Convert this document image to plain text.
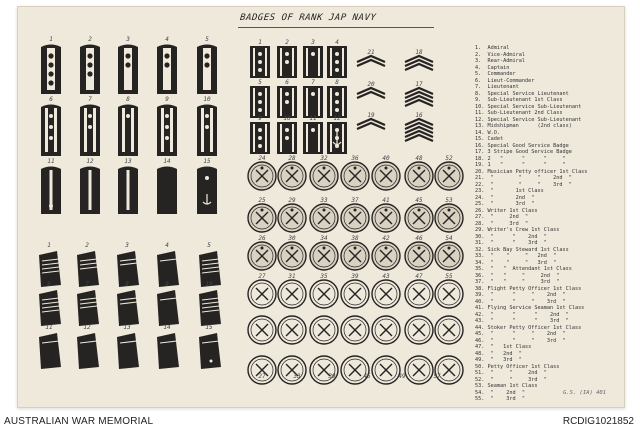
BADGES OF RANK JAP NAVY
1	2	3	4	5
6	7	8	9	10
11	12	13	14	15
1	2	3	4	5
6	7	8	9	10
11	12	13	14	15
1	2	3	4
5	6	7	8
9	10	11	12
21	18
20	17
19	16
24	28	32	36	40	48	52
25	29	33	37	41	45	53
26	30	34	38	42	46	54
27	31	35	39	43	47	55
27	33	39	45	49	57
1.  Admiral
2.  Vice-Admiral
3.  Rear-Admiral
4.  Captain
5.  Commander
6.  Lieut-Commander
7.  Lieutenant
8.  Special Service Lieutenant
9.  Sub-Lieutenant 1st Class
10. Special Service Sub-Lieutenant
11. Sub-Lieutenant 2nd Class
12. Special Service Sub-Lieutenant
13. Midshipman      (2nd class)
14. W.O.
15. Cadet
16. Special Good Service Badge
17. 3 Stripe Good Service Badge
18. 2   "      "      "     "
19. 1   "      "      "     "
20. Musician Petty officer 1st Class
21.  "        "     "    2nd  "
22.  "        "     "    3rd  "
23.  "       1st Class
24.  "       2nd  "
25.  "       3rd  "
26. Writer 1st Class
27.  "     2nd  "
28.  "     3rd  "
29. Writer's Crew 1st Class
30.  "      "    2nd  "
31.  "      "    3rd  "
32. Sick Bay Steward 1st Class
33.  "    "     "   2nd  "
34.  "    "     "   3rd  "
35.  "   "  Attendant 1st Class
36.  "   "     "     2nd  "
37.  "   "     "     3rd  "
38. Flight Petty Officer 1st Class
39.  "      "     "    2nd  "
40.  "      "     "    3rd  "
41. Flying Service Seaman 1st Class
42.  "      "      "    2nd  "
43.  "      "      "    3rd  "
44. Stoker Petty Officer 1st Class
45.  "      "     "    2nd  "
46.  "      "     "    3rd  "
47.  "   1st Class
48.  "   2nd  "
49.  "   3rd  "
50. Petty Officer 1st Class
51.  "     "     2nd  "
52.  "     "     3rd  "
53. Seaman 1st Class
54.  "    2nd  "
55.  "    3rd  "
G.S. (IA) 401
AUSTRALIAN WAR MEMORIAL	RCDIG1021852
